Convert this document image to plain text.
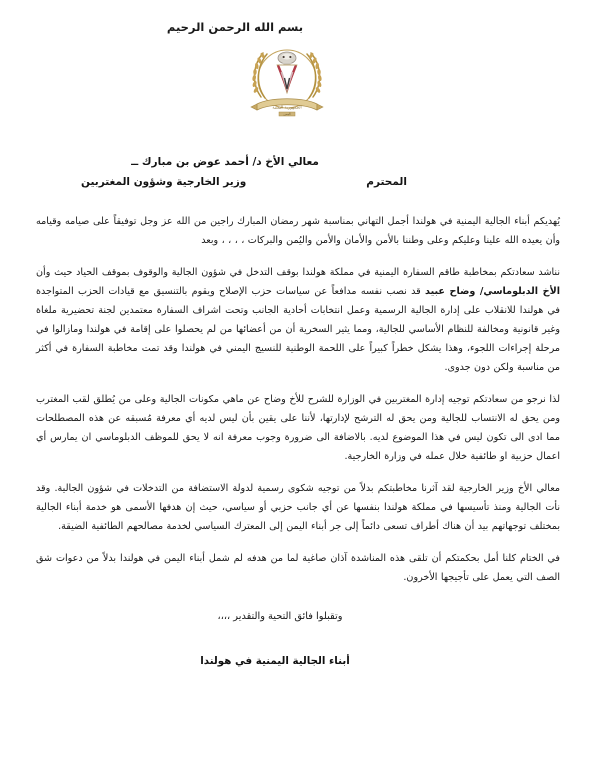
بسم الله الرحمن الرحيم
الجمهورية اليمنية
اليمن
معالي الأخ د/ أحمد عوض بن مبارك ــ
المحترم
وزير الخارجية وشؤون المغتربين

يُهديكم أبناء الجالية اليمنية في هولندا أجمل التهاني بمناسبة شهر رمضان المبارك راجين من الله عز وجل توفيقاً على صيامه وقيامه وأن يعيده الله علينا وعليكم وعلى وطننا بالأمن والأمان والأمن واليُمن والبركات ، ، ، ، وبعد

نناشد سعادتكم بمخاطبة طاقم السفارة اليمنية في مملكة هولندا بوقف التدخل في شؤون الجالية والوقوف بموقف الحياد حيث وأن الأخ الدبلوماسي/ وضاح عبيد قد نصب نفسه مدافعاً عن سياسات حزب الإصلاح ويقوم بالتنسيق مع قيادات الحزب المتواجدة في هولندا للانقلاب على إدارة الجالية الرسمية وعمل انتخابات أحادية الجانب وتحت اشراف السفارة معتمدين لجنة تحضيرية ملغاة وغير قانونية ومخالفة للنظام الأساسي للجالية، ومما يثير السخرية أن من أعضائها من لم يحصلوا على إقامة في هولندا ومازالوا في مرحلة إجراءات اللجوء، وهذا يشكل خطراً كبيراً على اللحمة الوطنية للنسيج اليمني في هولندا وقد تمت مخاطبة السفارة في أكثر من مناسبة ولكن دون جدوى.

لذا نرجو من سعادتكم توجيه إدارة المغتربين في الوزارة للشرح للأخ وضاح عن ماهي مكونات الجالية وعلى من يُطلق لقب المغترب ومن يحق له الانتساب للجالية ومن يحق له الترشح لإدارتها، لأننا على يقين بأن ليس لديه أي معرفة مُسبقه عن هذه المصطلحات مما ادى الى تكون ليس في هذا الموضوع لديه. بالاضافة الى ضرورة وجوب معرفة انه لا يحق للموظف الدبلوماسي ان يمارس أي اعمال حزبية او طائفية خلال عمله في وزارة الخارجية.

معالي الأخ وزير الخارجية لقد آثرنا مخاطبتكم بدلاً من توجيه شكوى رسمية لدولة الاستضافة من التدخلات في شؤون الجالية. وقد نأت الجالية ومنذ تأسيسها في مملكة هولندا بنفسها عن أي جانب حزبي أو سياسي، حيث إن هدفها الأسمى هو خدمة أبناء الجالية بمختلف توجهاتهم بيد أن هناك أطراف تسعى دائماً إلى جر أبناء اليمن إلى المعترك السياسي لخدمة مصالحهم الطائفية الضيقة.

في الختام كلنا أمل بحكمتكم أن تلقى هذه المناشدة آذان صاغية لما من هدفه لم شمل أبناء اليمن في هولندا بدلاً من دعوات شق الصف التي يعمل على تأجيجها الأخرون.

وتقبلوا فائق التحية والتقدير ،،،،
أبناء الجالية اليمنية في هولندا
